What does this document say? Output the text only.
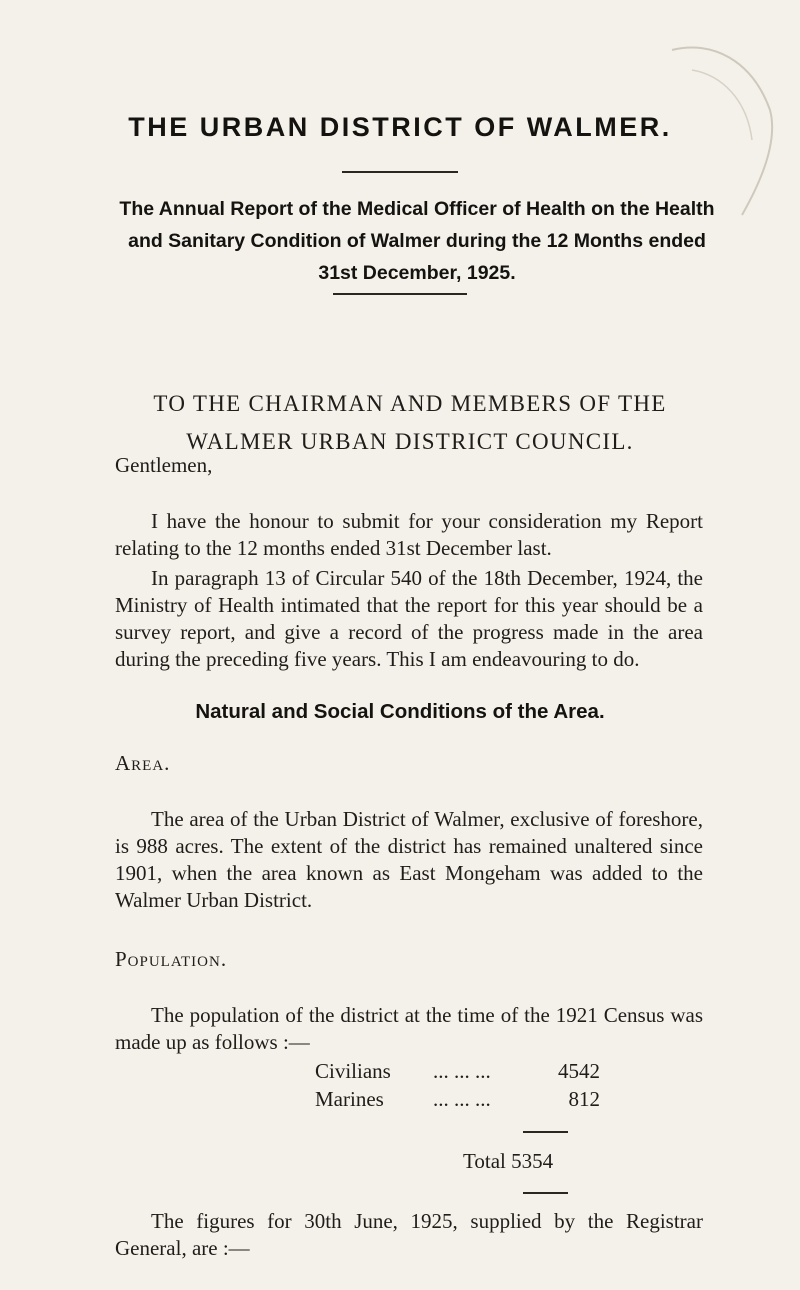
THE URBAN DISTRICT OF WALMER.
The Annual Report of the Medical Officer of Health on the Health and Sanitary Condition of Walmer during the 12 Months ended 31st December, 1925.
TO THE CHAIRMAN AND MEMBERS OF THE
WALMER URBAN DISTRICT COUNCIL.
Gentlemen,
I have the honour to submit for your consideration my Report relating to the 12 months ended 31st December last.
In paragraph 13 of Circular 540 of the 18th December, 1924, the Ministry of Health intimated that the report for this year should be a survey report, and give a record of the progress made in the area during the preceding five years. This I am endeavouring to do.
Natural and Social Conditions of the Area.
Area.
The area of the Urban District of Walmer, exclusive of foreshore, is 988 acres. The extent of the district has remained unaltered since 1901, when the area known as East Mongeham was added to the Walmer Urban District.
Population.
The population of the district at the time of the 1921 Census was made up as follows :—
Civilians ... ... ...	4542
Marines ... ... ...	812
Total 5354
The figures for 30th June, 1925, supplied by the Registrar General, are :—
